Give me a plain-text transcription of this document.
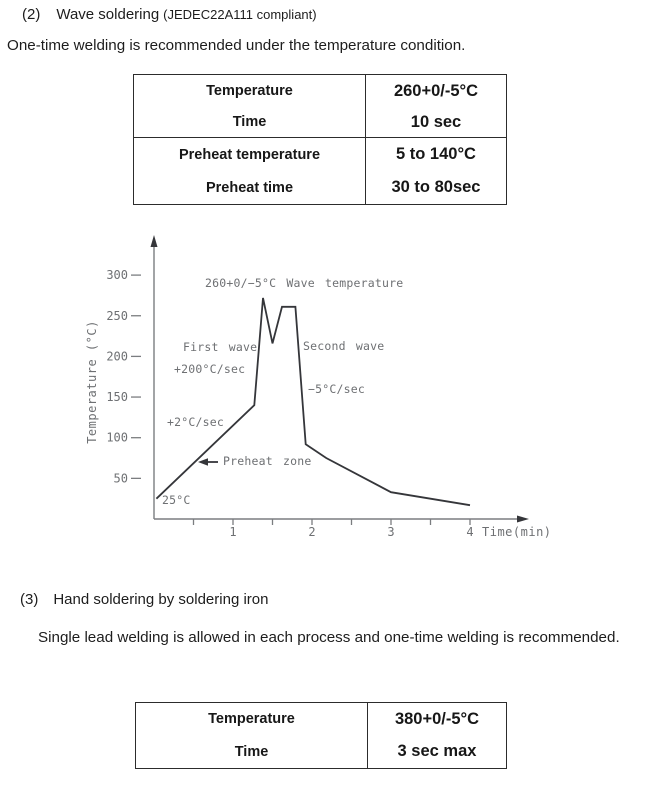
(2) Wave soldering (JEDEC22A111 compliant)
One-time welding is recommended under the temperature condition.
Temperature	260+0/-5°C
Time	10 sec
Preheat temperature	5 to 140°C
Preheat time	30 to 80sec
50
100
150
200
250
300
1	2	3	4
260+0/−5°C Wave temperature
First wave
+200°C/sec
Second wave
−5°C/sec
+2°C/sec
Preheat zone
25°C
Time(min)
Temperature (°C)
(3) Hand soldering by soldering iron
Single lead welding is allowed in each process and one-time welding is recommended.
Temperature	380+0/-5°C
Time	3 sec max
